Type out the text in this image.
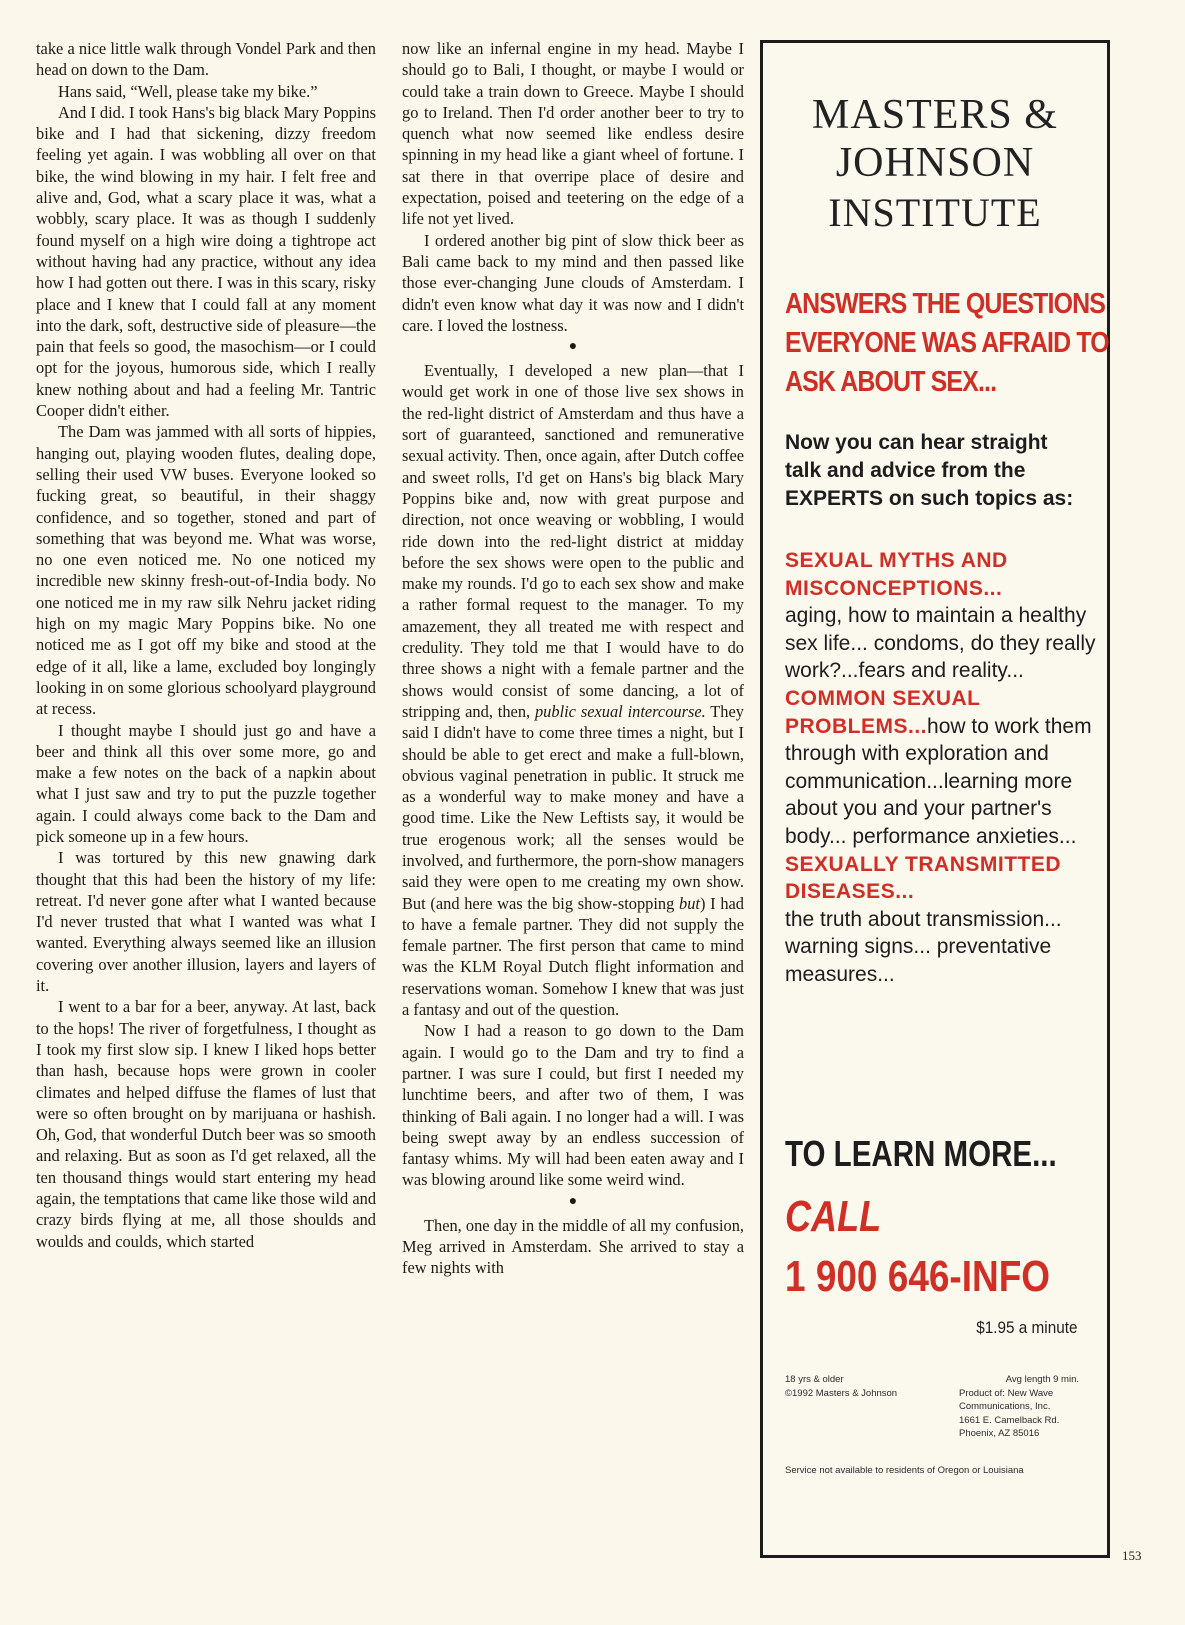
take a nice little walk through Vondel Park and then head on down to the Dam.

Hans said, “Well, please take my bike.”

And I did. I took Hans's big black Mary Poppins bike and I had that sickening, dizzy freedom feeling yet again. I was wobbling all over on that bike, the wind blowing in my hair. I felt free and alive and, God, what a scary place it was, what a wobbly, scary place. It was as though I suddenly found myself on a high wire doing a tightrope act without having had any practice, without any idea how I had gotten out there. I was in this scary, risky place and I knew that I could fall at any moment into the dark, soft, destructive side of pleasure—the pain that feels so good, the masochism—or I could opt for the joyous, humorous side, which I really knew nothing about and had a feeling Mr. Tantric Cooper didn't either.

The Dam was jammed with all sorts of hippies, hanging out, playing wooden flutes, dealing dope, selling their used VW buses. Everyone looked so fucking great, so beautiful, in their shaggy confidence, and so together, stoned and part of something that was beyond me. What was worse, no one even noticed me. No one noticed my incredible new skinny fresh-out-of-India body. No one noticed me in my raw silk Nehru jacket riding high on my magic Mary Poppins bike. No one noticed me as I got off my bike and stood at the edge of it all, like a lame, excluded boy longingly looking in on some glorious schoolyard playground at recess.

I thought maybe I should just go and have a beer and think all this over some more, go and make a few notes on the back of a napkin about what I just saw and try to put the puzzle together again. I could always come back to the Dam and pick someone up in a few hours.

I was tortured by this new gnawing dark thought that this had been the history of my life: retreat. I'd never gone after what I wanted because I'd never trusted that what I wanted was what I wanted. Everything always seemed like an illusion covering over another illusion, layers and layers of it.

I went to a bar for a beer, anyway. At last, back to the hops! The river of forgetfulness, I thought as I took my first slow sip. I knew I liked hops better than hash, because hops were grown in cooler climates and helped diffuse the flames of lust that were so often brought on by marijuana or hashish. Oh, God, that wonderful Dutch beer was so smooth and relaxing. But as soon as I'd get relaxed, all the ten thousand things would start entering my head again, the temptations that came like those wild and crazy birds flying at me, all those shoulds and woulds and coulds, which started

now like an infernal engine in my head. Maybe I should go to Bali, I thought, or maybe I would or could take a train down to Greece. Maybe I should go to Ireland. Then I'd order another beer to try to quench what now seemed like endless desire spinning in my head like a giant wheel of fortune. I sat there in that overripe place of desire and expectation, poised and teetering on the edge of a life not yet lived.

I ordered another big pint of slow thick beer as Bali came back to my mind and then passed like those ever-changing June clouds of Amsterdam. I didn't even know what day it was now and I didn't care. I loved the lostness.

●

Eventually, I developed a new plan—that I would get work in one of those live sex shows in the red-light district of Amsterdam and thus have a sort of guaranteed, sanctioned and remunerative sexual activity. Then, once again, after Dutch coffee and sweet rolls, I'd get on Hans's big black Mary Poppins bike and, now with great purpose and direction, not once weaving or wobbling, I would ride down into the red-light district at midday before the sex shows were open to the public and make my rounds. I'd go to each sex show and make a rather formal request to the manager. To my amazement, they all treated me with respect and credulity. They told me that I would have to do three shows a night with a female partner and the shows would consist of some dancing, a lot of stripping and, then, public sexual intercourse. They said I didn't have to come three times a night, but I should be able to get erect and make a full-blown, obvious vaginal penetration in public. It struck me as a wonderful way to make money and have a good time. Like the New Leftists say, it would be true erogenous work; all the senses would be involved, and furthermore, the porn-show managers said they were open to me creating my own show. But (and here was the big show-stopping but) I had to have a female partner. They did not supply the female partner. The first person that came to mind was the KLM Royal Dutch flight information and reservations woman. Somehow I knew that was just a fantasy and out of the question.

Now I had a reason to go down to the Dam again. I would go to the Dam and try to find a partner. I was sure I could, but first I needed my lunchtime beers, and after two of them, I was thinking of Bali again. I no longer had a will. I was being swept away by an endless succession of fantasy whims. My will had been eaten away and I was blowing around like some weird wind.

●

Then, one day in the middle of all my confusion, Meg arrived in Amsterdam. She arrived to stay a few nights with

MASTERS &
JOHNSON
INSTITUTE
ANSWERS THE QUESTIONS EVERYONE WAS AFRAID TO ASK ABOUT SEX...
Now you can hear straight talk and advice from the EXPERTS on such topics as:
SEXUAL MYTHS AND MISCONCEPTIONS...
aging, how to maintain a healthy sex life... condoms, do they really work?...fears and reality...
COMMON SEXUAL PROBLEMS...how to work them through with exploration and communication...learning more about you and your partner's body... performance anxieties...
SEXUALLY TRANSMITTED DISEASES...
the truth about transmission... warning signs... preventative measures...
TO LEARN MORE...
CALL
1 900 646-INFO
$1.95 a minute
18 yrs & older
©1992 Masters & Johnson
Avg length 9 min.
Product of: New Wave Communications, Inc.
1661 E. Camelback Rd.
Phoenix, AZ 85016
Service not available to residents of Oregon or Louisiana
153
